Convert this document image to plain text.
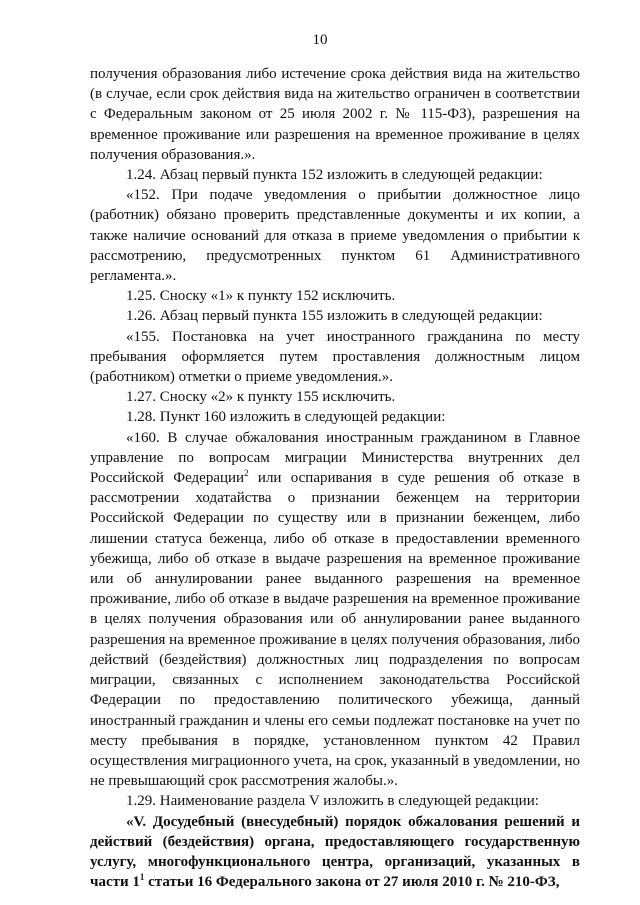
10

получения образования либо истечение срока действия вида на жительство (в случае, если срок действия вида на жительство ограничен в соответствии с Федеральным законом от 25 июля 2002 г. № 115-ФЗ), разрешения на временное проживание или разрешения на временное проживание в целях получения образования.».

1.24. Абзац первый пункта 152 изложить в следующей редакции:

«152. При подаче уведомления о прибытии должностное лицо (работник) обязано проверить представленные документы и их копии, а также наличие оснований для отказа в приеме уведомления о прибытии к рассмотрению, предусмотренных пунктом 61 Административного регламента.».

1.25. Сноску «1» к пункту 152 исключить.

1.26. Абзац первый пункта 155 изложить в следующей редакции:

«155. Постановка на учет иностранного гражданина по месту пребывания оформляется путем проставления должностным лицом (работником) отметки о приеме уведомления.».

1.27. Сноску «2» к пункту 155 исключить.

1.28. Пункт 160 изложить в следующей редакции:

«160. В случае обжалования иностранным гражданином в Главное управление по вопросам миграции Министерства внутренних дел Российской Федерации$^2$ или оспаривания в суде решения об отказе в рассмотрении ходатайства о признании беженцем на территории Российской Федерации по существу или в признании беженцем, либо лишении статуса беженца, либо об отказе в предоставлении временного убежища, либо об отказе в выдаче разрешения на временное проживание или об аннулировании ранее выданного разрешения на временное проживание, либо об отказе в выдаче разрешения на временное проживание в целях получения образования или об аннулировании ранее выданного разрешения на временное проживание в целях получения образования, либо действий (бездействия) должностных лиц подразделения по вопросам миграции, связанных с исполнением законодательства Российской Федерации по предоставлению политического убежища, данный иностранный гражданин и члены его семьи подлежат постановке на учет по месту пребывания в порядке, установленном пунктом 42 Правил осуществления миграционного учета, на срок, указанный в уведомлении, но не превышающий срок рассмотрения жалобы.».

1.29. Наименование раздела V изложить в следующей редакции:

«V. Досудебный (внесудебный) порядок обжалования решений и действий (бездействия) органа, предоставляющего государственную услугу, многофункционального центра, организаций, указанных в части $1^1$ статьи 16 Федерального закона от 27 июля 2010 г. № 210-ФЗ,
